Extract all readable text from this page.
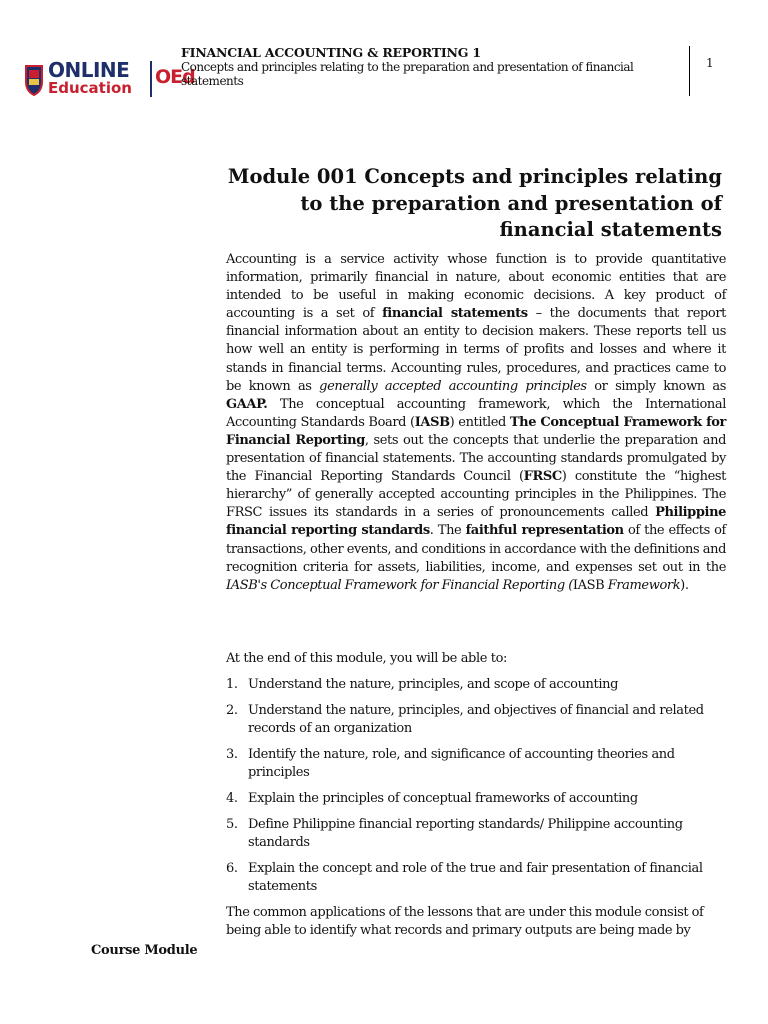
ONLINE
Education OEd
FINANCIAL ACCOUNTING & REPORTING 1
Concepts and principles relating to the preparation and presentation of financial statements
1
Module 001 Concepts and principles relating to the preparation and presentation of financial statements

Accounting is a service activity whose function is to provide quantitative information, primarily financial in nature, about economic entities that are intended to be useful in making economic decisions. A key product of accounting is a set of financial statements – the documents that report financial information about an entity to decision makers. These reports tell us how well an entity is performing in terms of profits and losses and where it stands in financial terms. Accounting rules, procedures, and practices came to be known as generally accepted accounting principles or simply known as GAAP. The conceptual accounting framework, which the International Accounting Standards Board (IASB) entitled The Conceptual Framework for Financial Reporting, sets out the concepts that underlie the preparation and presentation of financial statements. The accounting standards promulgated by the Financial Reporting Standards Council (FRSC) constitute the “highest hierarchy” of generally accepted accounting principles in the Philippines. The FRSC issues its standards in a series of pronouncements called Philippine financial reporting standards. The faithful representation of the effects of transactions, other events, and conditions in accordance with the definitions and recognition criteria for assets, liabilities, income, and expenses set out in the IASB's Conceptual Framework for Financial Reporting (IASB Framework).

At the end of this module, you will be able to:
1. Understand the nature, principles, and scope of accounting
2. Understand the nature, principles, and objectives of financial and related records of an organization
3. Identify the nature, role, and significance of accounting theories and principles
4. Explain the principles of conceptual frameworks of accounting
5. Define Philippine financial reporting standards/ Philippine accounting standards
6. Explain the concept and role of the true and fair presentation of financial statements

The common applications of the lessons that are under this module consist of being able to identify what records and primary outputs are being made by

Course Module
